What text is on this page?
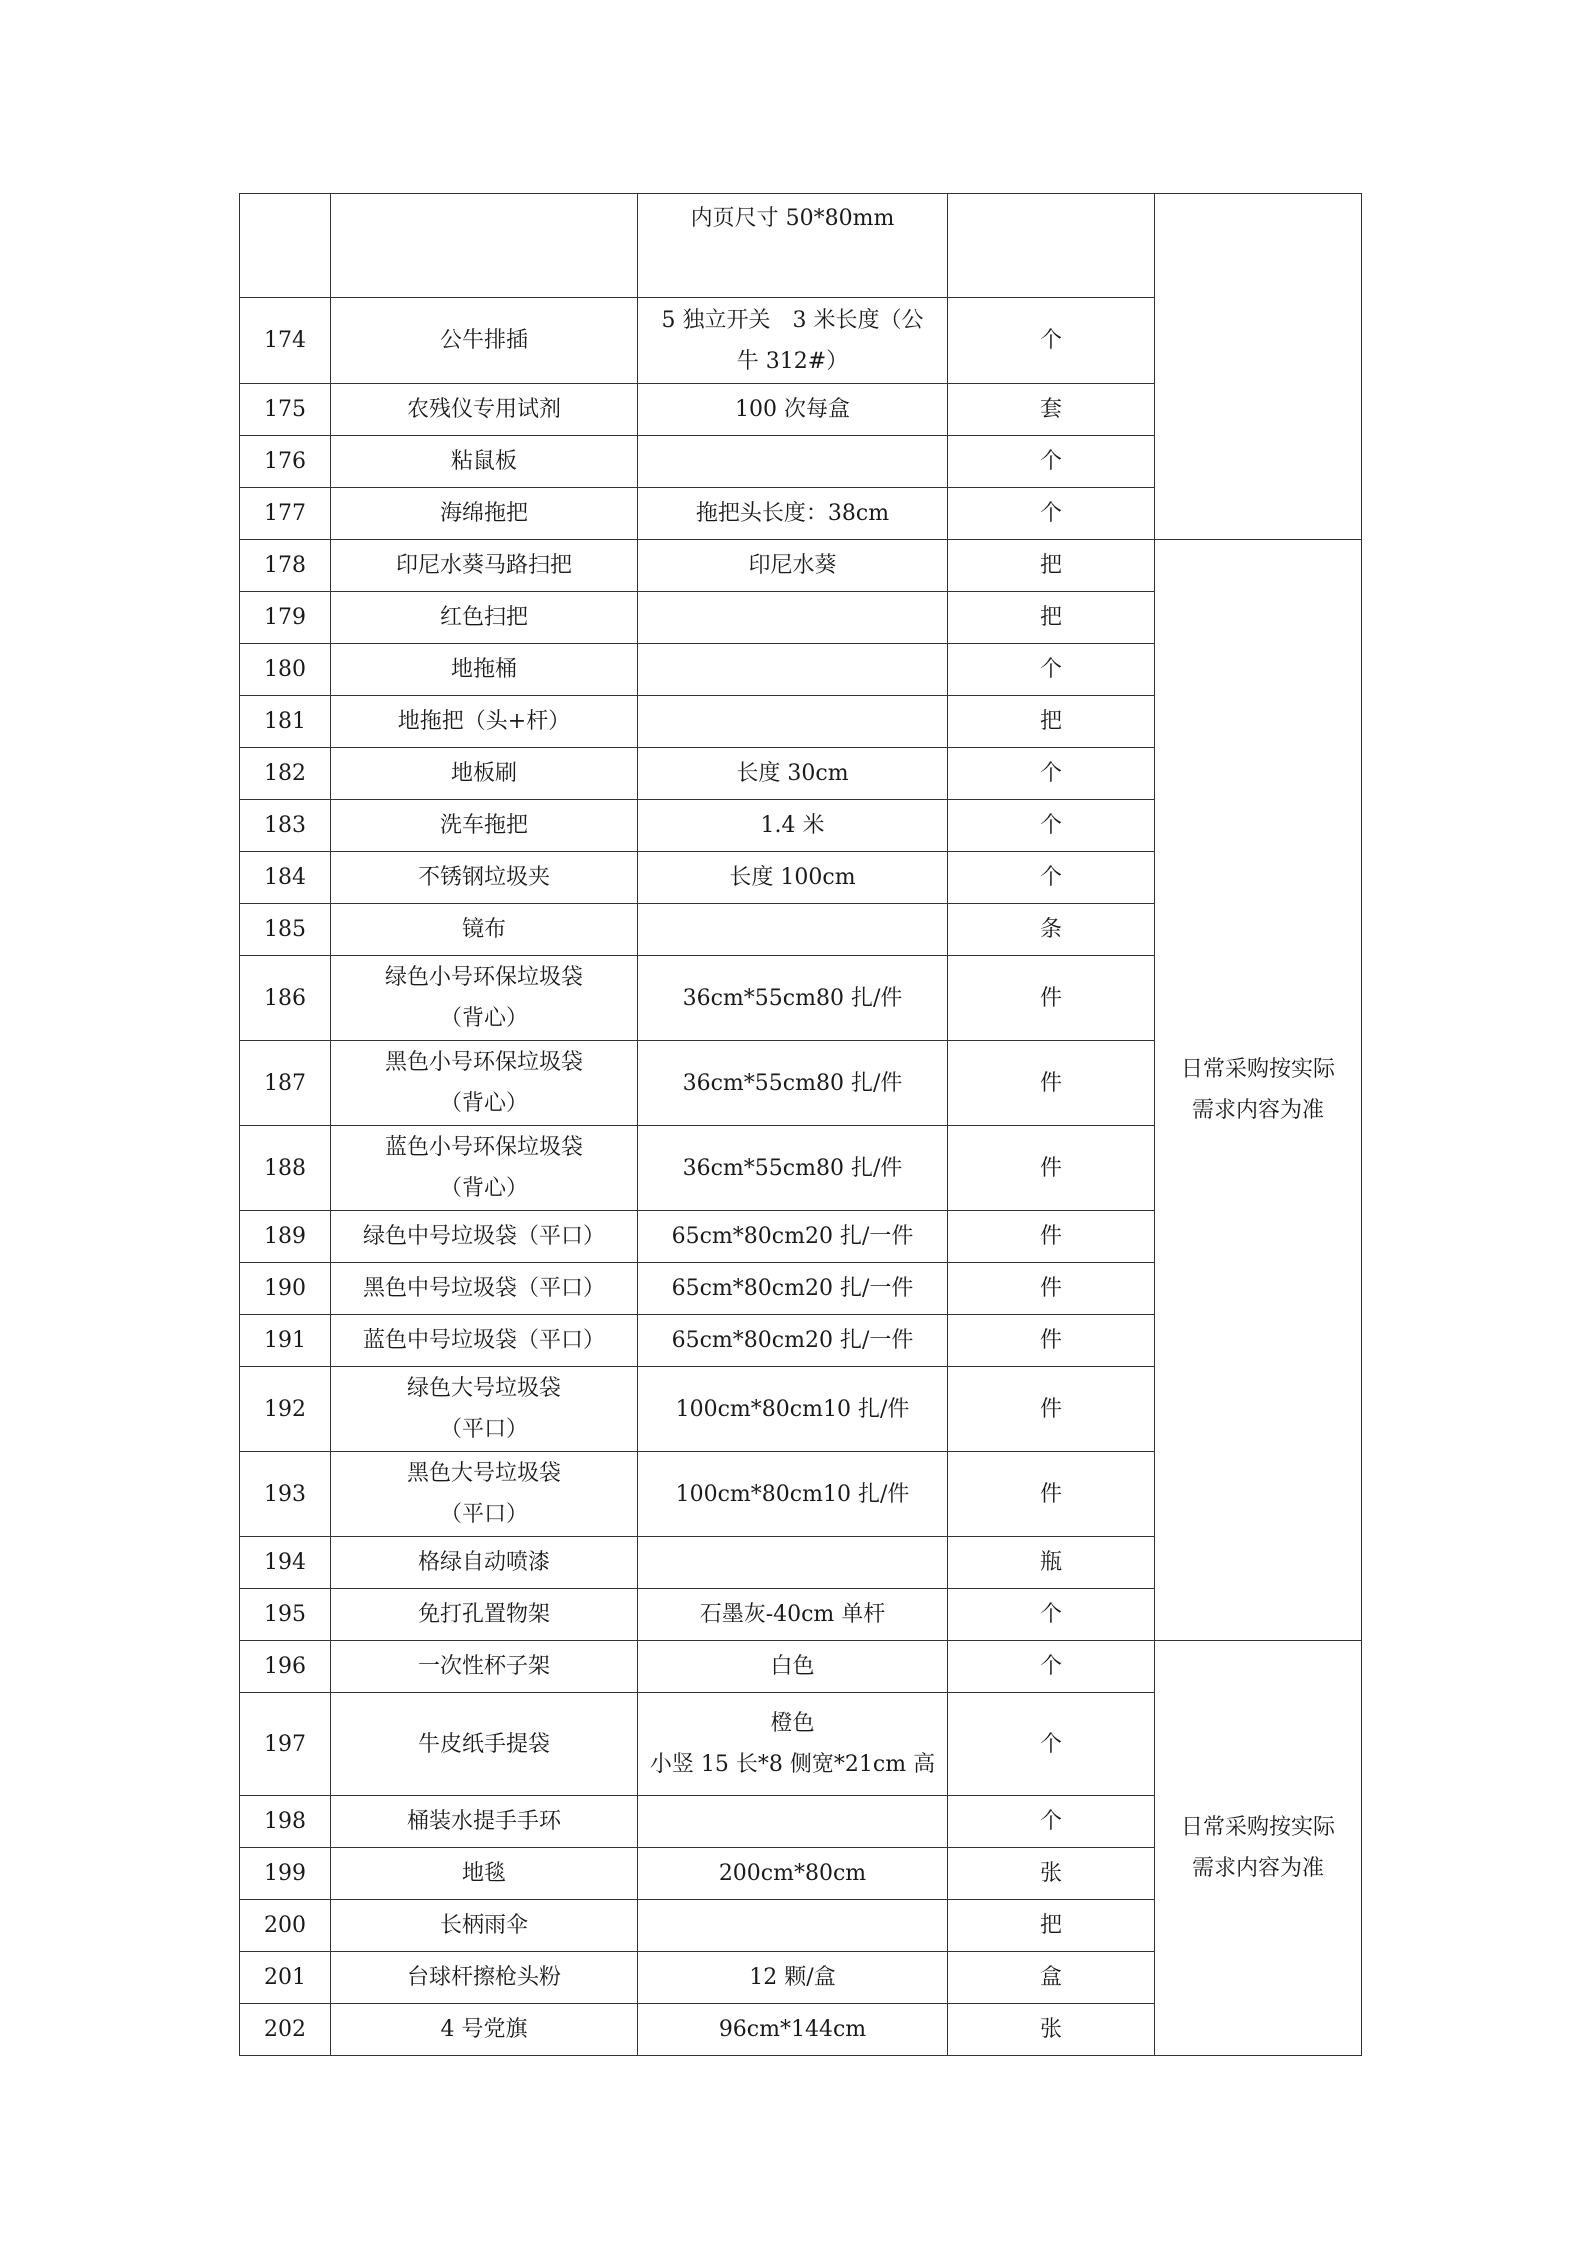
		内页尺寸 50*80mm		

174	公牛排插	5 独立开关　3 米长度（公
牛 312#）	个	

175	农残仪专用试剂	100 次每盒	套	

176	粘鼠板		个	

177	海绵拖把	拖把头长度：38cm	个	

178	印尼水葵马路扫把	印尼水葵	把	日常采购按实际
需求内容为准

179	红色扫把		把	

180	地拖桶		个	

181	地拖把（头+杆）		把	

182	地板刷	长度 30cm	个	

183	洗车拖把	1.4 米	个	

184	不锈钢垃圾夹	长度 100cm	个	

185	镜布		条	

186	绿色小号环保垃圾袋
（背心）	36cm*55cm80 扎/件	件	

187	黑色小号环保垃圾袋
（背心）	36cm*55cm80 扎/件	件	

188	蓝色小号环保垃圾袋
（背心）	36cm*55cm80 扎/件	件	

189	绿色中号垃圾袋（平口）	65cm*80cm20 扎/一件	件	

190	黑色中号垃圾袋（平口）	65cm*80cm20 扎/一件	件	

191	蓝色中号垃圾袋（平口）	65cm*80cm20 扎/一件	件	

192	绿色大号垃圾袋
（平口）	100cm*80cm10 扎/件	件	

193	黑色大号垃圾袋
（平口）	100cm*80cm10 扎/件	件	

194	格绿自动喷漆		瓶	

195	免打孔置物架	石墨灰-40cm 单杆	个	

196	一次性杯子架	白色	个	日常采购按实际
需求内容为准

197	牛皮纸手提袋	橙色
小竖 15 长*8 侧宽*21cm 高	个	

198	桶装水提手手环		个	

199	地毯	200cm*80cm	张	

200	长柄雨伞		把	

201	台球杆擦枪头粉	12 颗/盒	盒	

202	4 号党旗	96cm*144cm	张	
